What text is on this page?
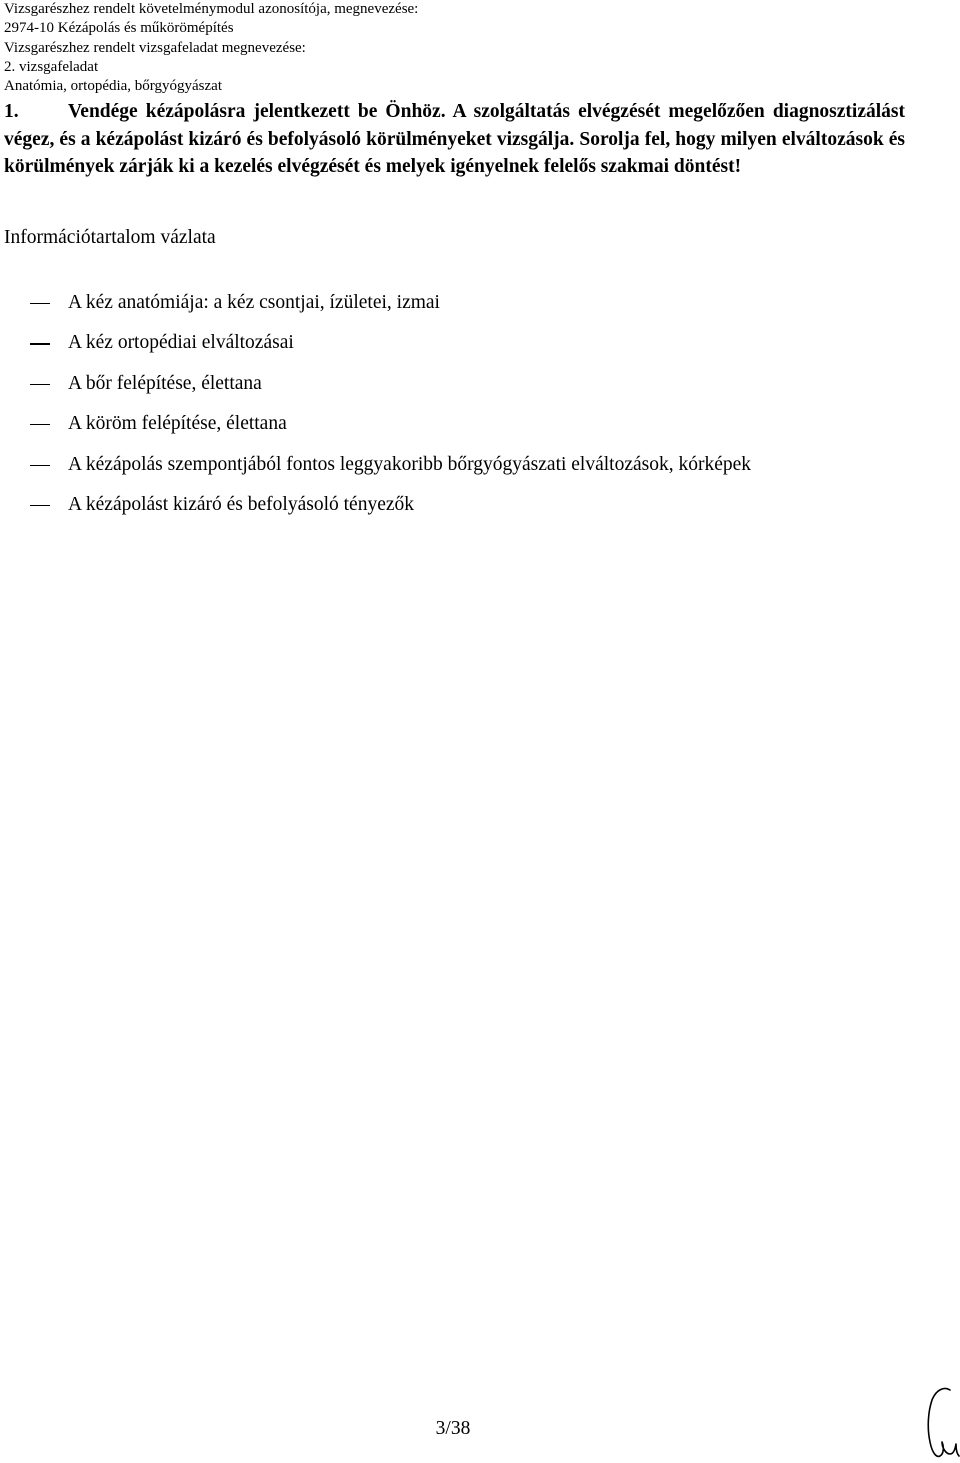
Vizsgarészhez rendelt követelménymodul azonosítója, megnevezése:
2974-10 Kézápolás és műkörömépítés
Vizsgarészhez rendelt vizsgafeladat megnevezése:
2. vizsgafeladat
Anatómia, ortopédia, bőrgyógyászat
1.	Vendége kézápolásra jelentkezett be Önhöz. A szolgáltatás elvégzését megelőzően diagnosztizálást végez, és a kézápolást kizáró és befolyásoló körülményeket vizsgálja. Sorolja fel, hogy milyen elváltozások és körülmények zárják ki a kezelés elvégzését és melyek igényelnek felelős szakmai döntést!
Információtartalom vázlata
A kéz anatómiája: a kéz csontjai, ízületei, izmai
A kéz ortopédiai elváltozásai
A bőr felépítése, élettana
A köröm felépítése, élettana
A kézápolás szempontjából fontos leggyakoribb bőrgyógyászati elváltozások, kórképek
A kézápolást kizáró és befolyásoló tényezők
3/38
